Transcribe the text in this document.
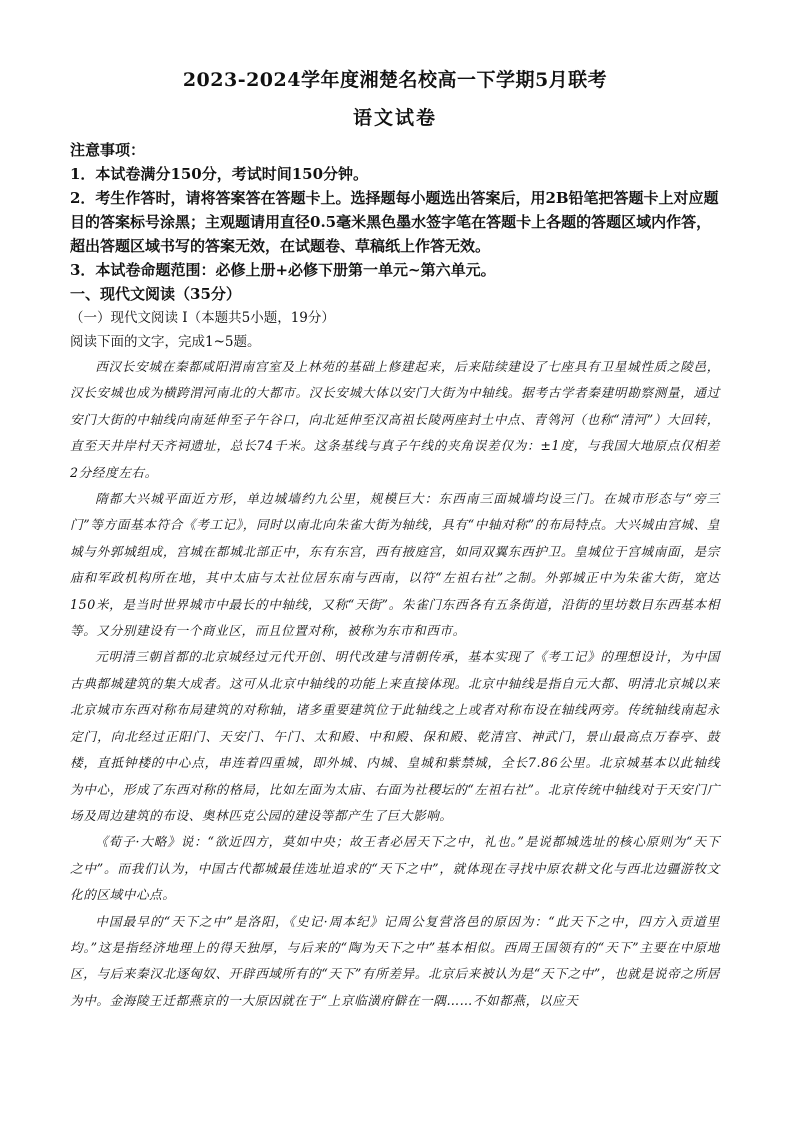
2023-2024学年度湘楚名校高一下学期5月联考
语文试卷

注意事项：

1．本试卷满分150分，考试时间150分钟。

2．考生作答时，请将答案答在答题卡上。选择题每小题选出答案后，用2B铅笔把答题卡上对应题目的答案标号涂黑；主观题请用直径0.5毫米黑色墨水签字笔在答题卡上各题的答题区域内作答，超出答题区域书写的答案无效，在试题卷、草稿纸上作答无效。

3．本试卷命题范围：必修上册+必修下册第一单元~第六单元。

一、现代文阅读（35分）

（一）现代文阅读 I（本题共5小题，19分）

阅读下面的文字，完成1~5题。

西汉长安城在秦都咸阳渭南宫室及上林苑的基础上修建起来，后来陆续建设了七座具有卫星城性质之陵邑，汉长安城也成为横跨渭河南北的大都市。汉长安城大体以安门大街为中轴线。据考古学者秦建明勘察测量，通过安门大街的中轴线向南延伸至子午谷口，向北延伸至汉高祖长陵两座封土中点、青鸰河（也称“清河”）大回转，直至天井岸村天齐祠遗址，总长74千米。这条基线与真子午线的夹角误差仅为：±1度，与我国大地原点仅相差2分经度左右。

隋都大兴城平面近方形，单边城墙约九公里，规模巨大：东西南三面城墙均设三门。在城市形态与“旁三门”等方面基本符合《考工记》，同时以南北向朱雀大街为轴线，具有“中轴对称”的布局特点。大兴城由宫城、皇城与外郭城组成，宫城在都城北部正中，东有东宫，西有掖庭宫，如同双翼东西护卫。皇城位于宫城南面，是宗庙和军政机构所在地，其中太庙与太社位居东南与西南，以符“左祖右社”之制。外郭城正中为朱雀大街，宽达150米，是当时世界城市中最长的中轴线，又称“天街”。朱雀门东西各有五条街道，沿街的里坊数目东西基本相等。又分别建设有一个商业区，而且位置对称，被称为东市和西市。

元明清三朝首都的北京城经过元代开创、明代改建与清朝传承，基本实现了《考工记》的理想设计，为中国古典都城建筑的集大成者。这可从北京中轴线的功能上来直接体现。北京中轴线是指自元大都、明清北京城以来北京城市东西对称布局建筑的对称轴，诸多重要建筑位于此轴线之上或者对称布设在轴线两旁。传统轴线南起永定门，向北经过正阳门、天安门、午门、太和殿、中和殿、保和殿、乾清宫、神武门，景山最高点万春亭、鼓楼，直抵钟楼的中心点，串连着四重城，即外城、内城、皇城和紫禁城，全长7.86公里。北京城基本以此轴线为中心，形成了东西对称的格局，比如左面为太庙、右面为社稷坛的“左祖右社”。北京传统中轴线对于天安门广场及周边建筑的布设、奥林匹克公园的建设等都产生了巨大影响。

《荀子·大略》说：“欲近四方，莫如中央；故王者必居天下之中，礼也。”是说都城选址的核心原则为“天下之中”。而我们认为，中国古代都城最佳选址追求的“天下之中”，就体现在寻找中原农耕文化与西北边疆游牧文化的区域中心点。

中国最早的“天下之中”是洛阳，《史记·周本纪》记周公复营洛邑的原因为：“此天下之中，四方入贡道里均。”这是指经济地理上的得天独厚，与后来的“陶为天下之中”基本相似。西周王国领有的“天下”主要在中原地区，与后来秦汉北逐匈奴、开辟西域所有的“天下”有所差异。北京后来被认为是“天下之中”，也就是说帝之所居为中。金海陵王迁都燕京的一大原因就在于“上京临潢府僻在一隅……不如都燕，以应天
